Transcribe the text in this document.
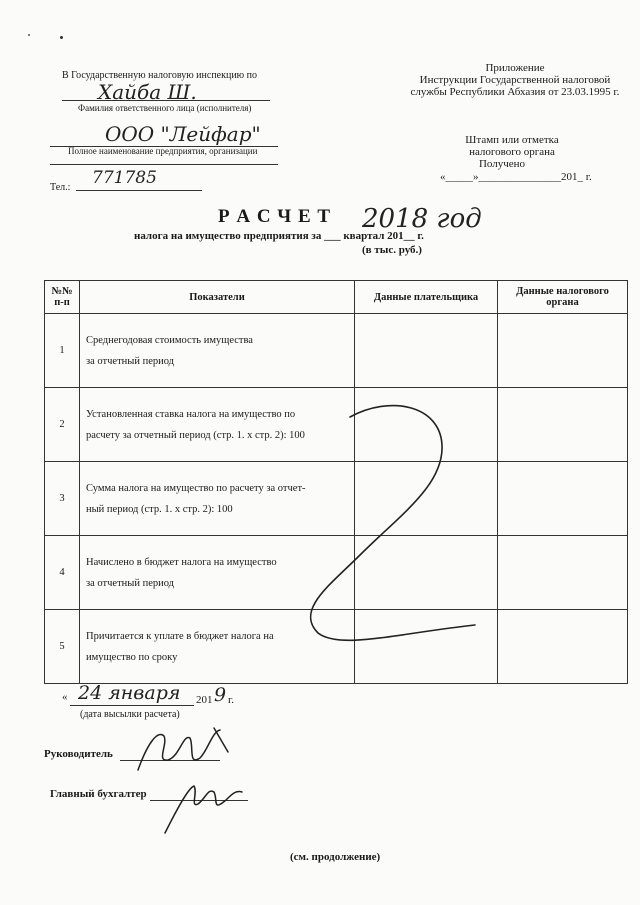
В Государственную налоговую инспекцию по
Хайба Ш.
Фамилия ответственного лица (исполнителя)
ООО "Лейфар"
Полное наименование предприятия, организации
Тел.: 771785
Приложение
Инструкции Государственной налоговой
службы Республики Абхазия от 23.03.1995 г.
Штамп или отметка
налогового органа
Получено
«_____»_______________201_ г.
Р А С Ч Е Т
налога на имущество предприятия за ___ квартал 201__ г.
(в тыс. руб.)
2018 год
№№ п-п	Показатели	Данные плательщика	Данные налогового органа
1	Среднегодовая стоимость имущества
за отчетный период		

2	Установленная ставка налога на имущество по
расчету за отчетный период (стр. 1. х стр. 2): 100		

3	Сумма налога на имущество по расчету за отчет-
ный период (стр. 1. х стр. 2): 100		

4	Начислено в бюджет налога на имущество
за отчетный период		

5	Причитается к уплате в бюджет налога на
имущество по сроку		

« 24 января 201 9 г.
(дата высылки расчета)
Руководитель
Главный бухгалтер
(см. продолжение)
